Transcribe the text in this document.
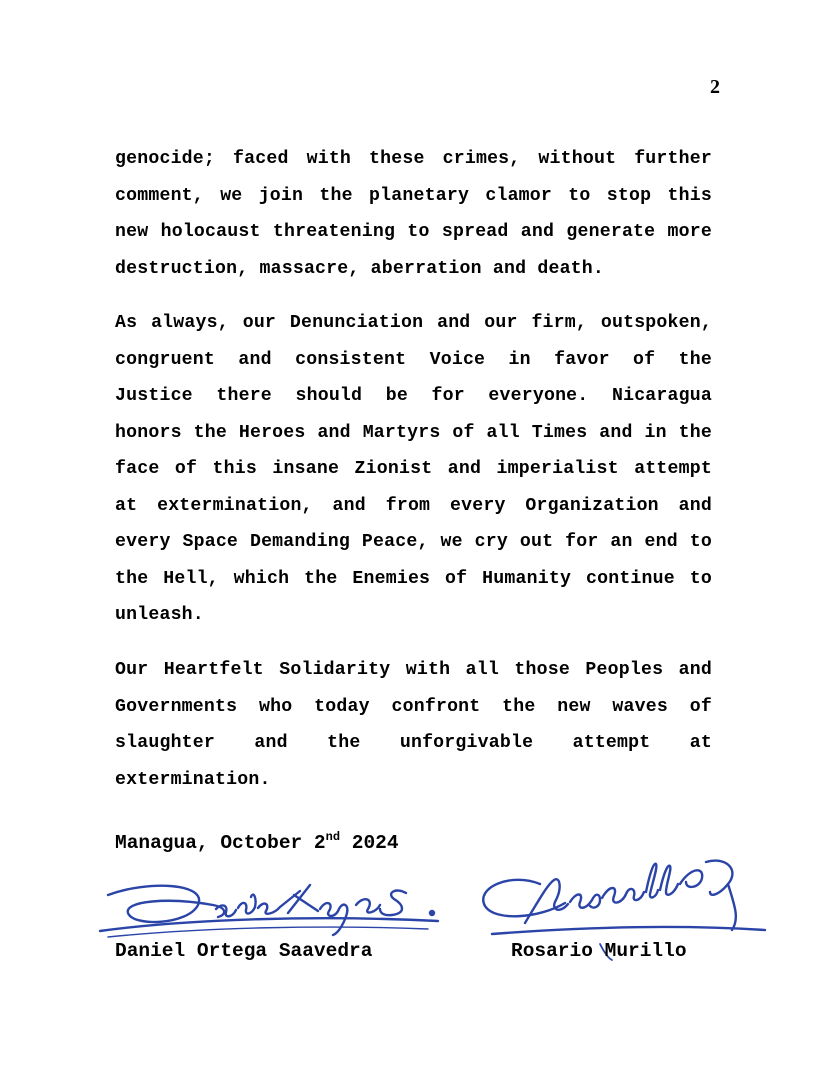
2

genocide; faced with these crimes, without further comment, we join the planetary clamor to stop this new holocaust threatening to spread and generate more destruction, massacre, aberration and death.

As always, our Denunciation and our firm, outspoken, congruent and consistent Voice in favor of the Justice there should be for everyone. Nicaragua honors the Heroes and Martyrs of all Times and in the face of this insane Zionist and imperialist attempt at extermination, and from every Organization and every Space Demanding Peace, we cry out for an end to the Hell, which the Enemies of Humanity continue to unleash.

Our Heartfelt Solidarity with all those Peoples and Governments who today confront the new waves of slaughter and the unforgivable attempt at extermination.

Managua, October 2nd 2024
Daniel Ortega Saavedra	Rosario Murillo
